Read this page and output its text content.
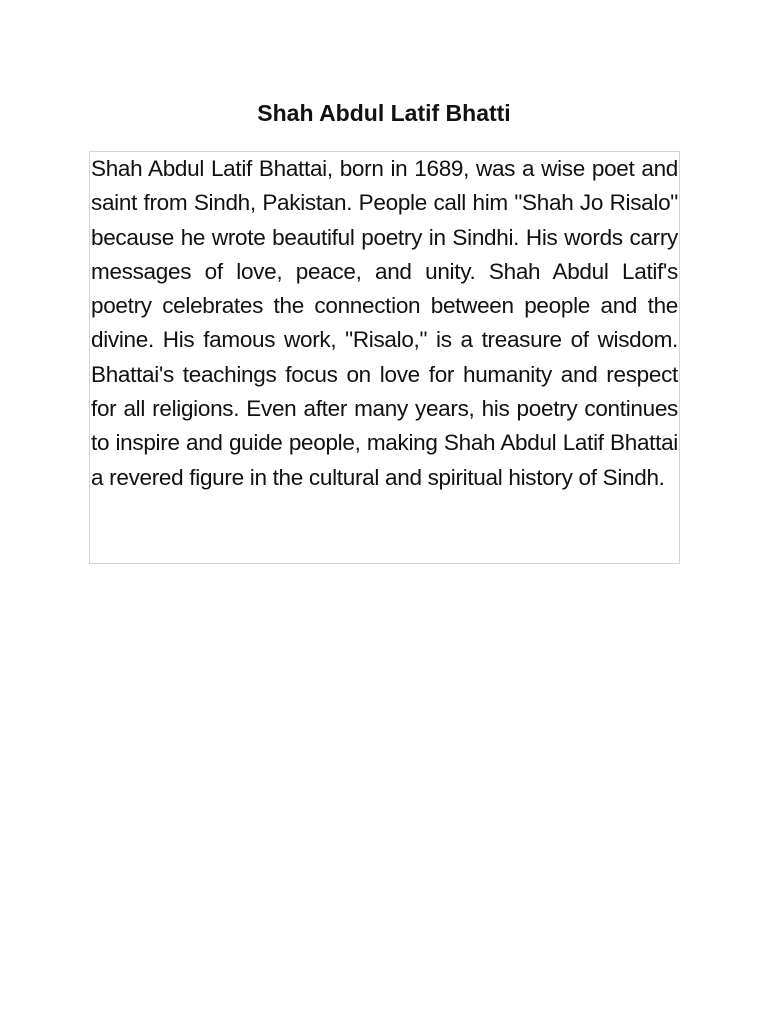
Shah Abdul Latif Bhatti

Shah Abdul Latif Bhattai, born in 1689, was a wise poet and saint from Sindh, Pakistan. People call him "Shah Jo Risalo" because he wrote beautiful poetry in Sindhi. His words carry messages of love, peace, and unity. Shah Abdul Latif's poetry celebrates the connection between people and the divine. His famous work, "Risalo," is a treasure of wisdom. Bhattai's teachings focus on love for humanity and respect for all religions. Even after many years, his poetry continues to inspire and guide people, making Shah Abdul Latif Bhattai a revered figure in the cultural and spiritual history of Sindh.
